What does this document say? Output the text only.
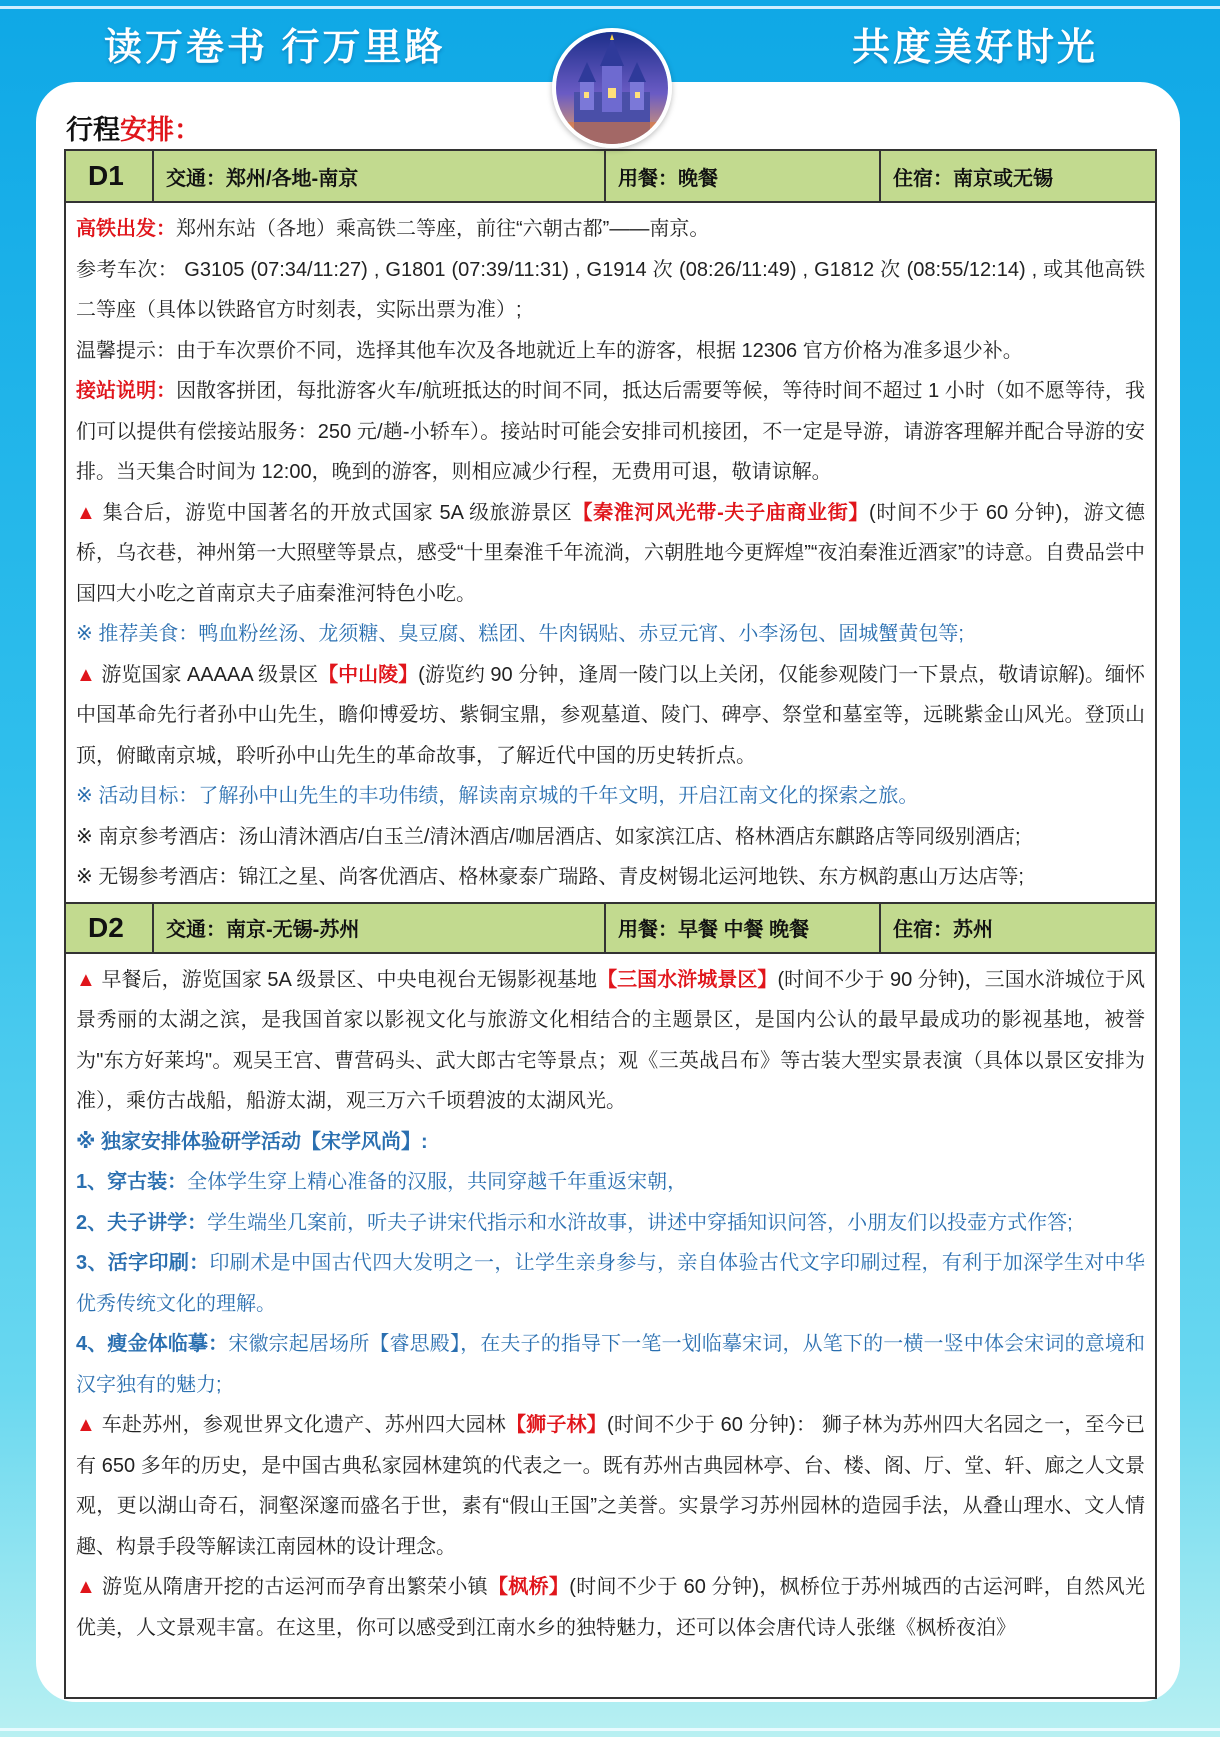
读万卷书 行万里路	共度美好时光
行程安排：
D1	交通：郑州/各地-南京	用餐：晚餐	住宿：南京或无锡

高铁出发：郑州东站（各地）乘高铁二等座，前往“六朝古都”——南京。

参考车次： G3105 (07:34/11:27) , G1801 (07:39/11:31) , G1914 次 (08:26/11:49) , G1812 次 (08:55/12:14) , 或其他高铁二等座（具体以铁路官方时刻表，实际出票为准）;

温馨提示：由于车次票价不同，选择其他车次及各地就近上车的游客，根据 12306 官方价格为准多退少补。

接站说明：因散客拼团，每批游客火车/航班抵达的时间不同，抵达后需要等候，等待时间不超过 1 小时（如不愿等待，我们可以提供有偿接站服务：250 元/趟-小轿车）。接站时可能会安排司机接团，不一定是导游，请游客理解并配合导游的安排。当天集合时间为 12:00，晚到的游客，则相应减少行程，无费用可退，敬请谅解。

▲ 集合后，游览中国著名的开放式国家 5A 级旅游景区【秦淮河风光带-夫子庙商业街】(时间不少于 60 分钟)，游文德桥，乌衣巷，神州第一大照壁等景点，感受“十里秦淮千年流淌，六朝胜地今更辉煌”“夜泊秦淮近酒家”的诗意。自费品尝中国四大小吃之首南京夫子庙秦淮河特色小吃。

※ 推荐美食：鸭血粉丝汤、龙须糖、臭豆腐、糕团、牛肉锅贴、赤豆元宵、小李汤包、固城蟹黄包等;

▲ 游览国家 AAAAA 级景区【中山陵】(游览约 90 分钟，逢周一陵门以上关闭，仅能参观陵门一下景点，敬请谅解)。缅怀中国革命先行者孙中山先生，瞻仰博爱坊、紫铜宝鼎，参观墓道、陵门、碑亭、祭堂和墓室等，远眺紫金山风光。登顶山顶，俯瞰南京城，聆听孙中山先生的革命故事，了解近代中国的历史转折点。

※ 活动目标：了解孙中山先生的丰功伟绩，解读南京城的千年文明，开启江南文化的探索之旅。

※ 南京参考酒店：汤山清沐酒店/白玉兰/清沐酒店/咖居酒店、如家滨江店、格林酒店东麒路店等同级别酒店;

※ 无锡参考酒店：锦江之星、尚客优酒店、格林豪泰广瑞路、青皮树锡北运河地铁、东方枫韵惠山万达店等;

D2	交通：南京-无锡-苏州	用餐：早餐 中餐 晚餐	住宿：苏州

▲ 早餐后，游览国家 5A 级景区、中央电视台无锡影视基地【三国水浒城景区】(时间不少于 90 分钟)，三国水浒城位于风景秀丽的太湖之滨，是我国首家以影视文化与旅游文化相结合的主题景区，是国内公认的最早最成功的影视基地，被誉为"东方好莱坞"。观吴王宫、曹营码头、武大郎古宅等景点；观《三英战吕布》等古装大型实景表演（具体以景区安排为准），乘仿古战船，船游太湖，观三万六千顷碧波的太湖风光。

※ 独家安排体验研学活动【宋学风尚】:

1、穿古装：全体学生穿上精心准备的汉服，共同穿越千年重返宋朝，

2、夫子讲学：学生端坐几案前，听夫子讲宋代指示和水浒故事，讲述中穿插知识问答，小朋友们以投壶方式作答;

3、活字印刷：印刷术是中国古代四大发明之一，让学生亲身参与，亲自体验古代文字印刷过程，有利于加深学生对中华优秀传统文化的理解。

4、瘦金体临摹：宋徽宗起居场所【睿思殿】，在夫子的指导下一笔一划临摹宋词，从笔下的一横一竖中体会宋词的意境和汉字独有的魅力;

▲ 车赴苏州，参观世界文化遗产、苏州四大园林【狮子林】(时间不少于 60 分钟)： 狮子林为苏州四大名园之一，至今已有 650 多年的历史，是中国古典私家园林建筑的代表之一。既有苏州古典园林亭、台、楼、阁、厅、堂、轩、廊之人文景观，更以湖山奇石，洞壑深邃而盛名于世，素有“假山王国”之美誉。实景学习苏州园林的造园手法，从叠山理水、文人情趣、构景手段等解读江南园林的设计理念。

▲ 游览从隋唐开挖的古运河而孕育出繁荣小镇【枫桥】(时间不少于 60 分钟)，枫桥位于苏州城西的古运河畔，自然风光优美，人文景观丰富。在这里，你可以感受到江南水乡的独特魅力，还可以体会唐代诗人张继《枫桥夜泊》
